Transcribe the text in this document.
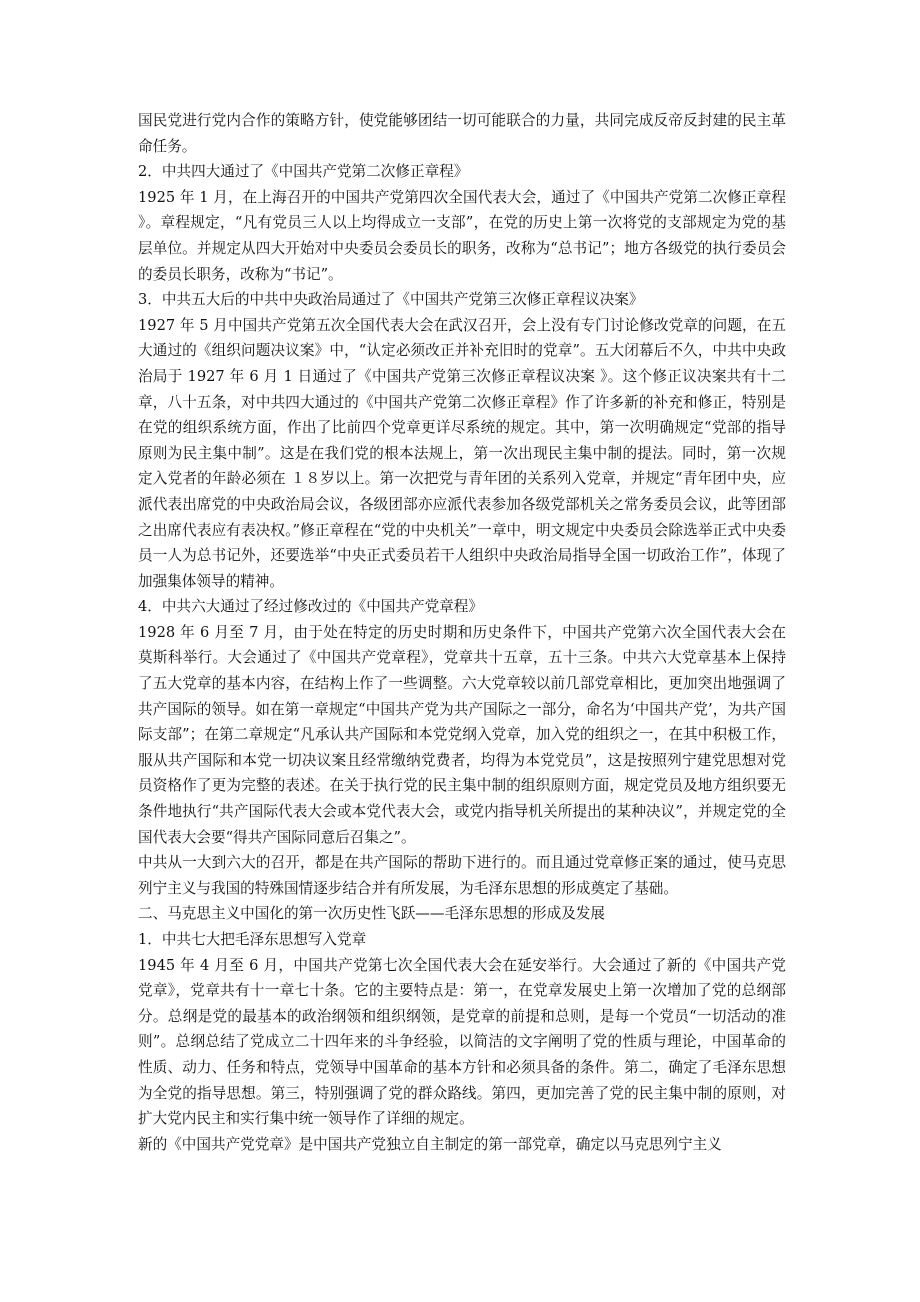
国民党进行党内合作的策略方针，使党能够团结一切可能联合的力量，共同完成反帝反封建的民主革命任务。

2．中共四大通过了《中国共产党第二次修正章程》

1925 年 1 月，在上海召开的中国共产党第四次全国代表大会，通过了《中国共产党第二次修正章程 》。章程规定，“凡有党员三人以上均得成立一支部”，在党的历史上第一次将党的支部规定为党的基层单位。并规定从四大开始对中央委员会委员长的职务，改称为“总书记”；地方各级党的执行委员会的委员长职务，改称为“书记”。

3．中共五大后的中共中央政治局通过了《中国共产党第三次修正章程议决案》

1927 年 5 月中国共产党第五次全国代表大会在武汉召开，会上没有专门讨论修改党章的问题，在五大通过的《组织问题决议案》中，“认定必须改正并补充旧时的党章”。五大闭幕后不久，中共中央政治局于 1927 年 6 月 1 日通过了《中国共产党第三次修正章程议决案 》。这个修正议决案共有十二章，八十五条，对中共四大通过的《中国共产党第二次修正章程》作了许多新的补充和修正，特别是在党的组织系统方面，作出了比前四个党章更详尽系统的规定。其中，第一次明确规定“党部的指导原则为民主集中制”。这是在我们党的根本法规上，第一次出现民主集中制的提法。同时，第一次规定入党者的年龄必须在 １８岁以上。第一次把党与青年团的关系列入党章，并规定“青年团中央，应派代表出席党的中央政治局会议，各级团部亦应派代表参加各级党部机关之常务委员会议，此等团部之出席代表应有表决权。”修正章程在“党的中央机关”一章中，明文规定中央委员会除选举正式中央委员一人为总书记外，还要选举“中央正式委员若干人组织中央政治局指导全国一切政治工作”，体现了加强集体领导的精神。

4．中共六大通过了经过修改过的《中国共产党章程》

1928 年 6 月至 7 月，由于处在特定的历史时期和历史条件下，中国共产党第六次全国代表大会在莫斯科举行。大会通过了《中国共产党章程》，党章共十五章，五十三条。中共六大党章基本上保持了五大党章的基本内容，在结构上作了一些调整。六大党章较以前几部党章相比，更加突出地强调了共产国际的领导。如在第一章规定“中国共产党为共产国际之一部分，命名为‘中国共产党’，为共产国际支部”；在第二章规定“凡承认共产国际和本党党纲入党章，加入党的组织之一，在其中积极工作，服从共产国际和本党一切决议案且经常缴纳党费者，均得为本党党员”，这是按照列宁建党思想对党员资格作了更为完整的表述。在关于执行党的民主集中制的组织原则方面，规定党员及地方组织要无条件地执行“共产国际代表大会或本党代表大会，或党内指导机关所提出的某种决议”，并规定党的全国代表大会要“得共产国际同意后召集之”。

中共从一大到六大的召开，都是在共产国际的帮助下进行的。而且通过党章修正案的通过，使马克思列宁主义与我国的特殊国情逐步结合并有所发展，为毛泽东思想的形成奠定了基础。

二、马克思主义中国化的第一次历史性飞跃——毛泽东思想的形成及发展

1．中共七大把毛泽东思想写入党章

1945 年 4 月至 6 月，中国共产党第七次全国代表大会在延安举行。大会通过了新的《中国共产党党章》，党章共有十一章七十条。它的主要特点是：第一，在党章发展史上第一次增加了党的总纲部分。总纲是党的最基本的政治纲领和组织纲领，是党章的前提和总则，是每一个党员“一切活动的准则”。总纲总结了党成立二十四年来的斗争经验，以简洁的文字阐明了党的性质与理论，中国革命的性质、动力、任务和特点，党领导中国革命的基本方针和必须具备的条件。第二，确定了毛泽东思想为全党的指导思想。第三，特别强调了党的群众路线。第四，更加完善了党的民主集中制的原则，对扩大党内民主和实行集中统一领导作了详细的规定。

新的《中国共产党党章》是中国共产党独立自主制定的第一部党章，确定以马克思列宁主义
